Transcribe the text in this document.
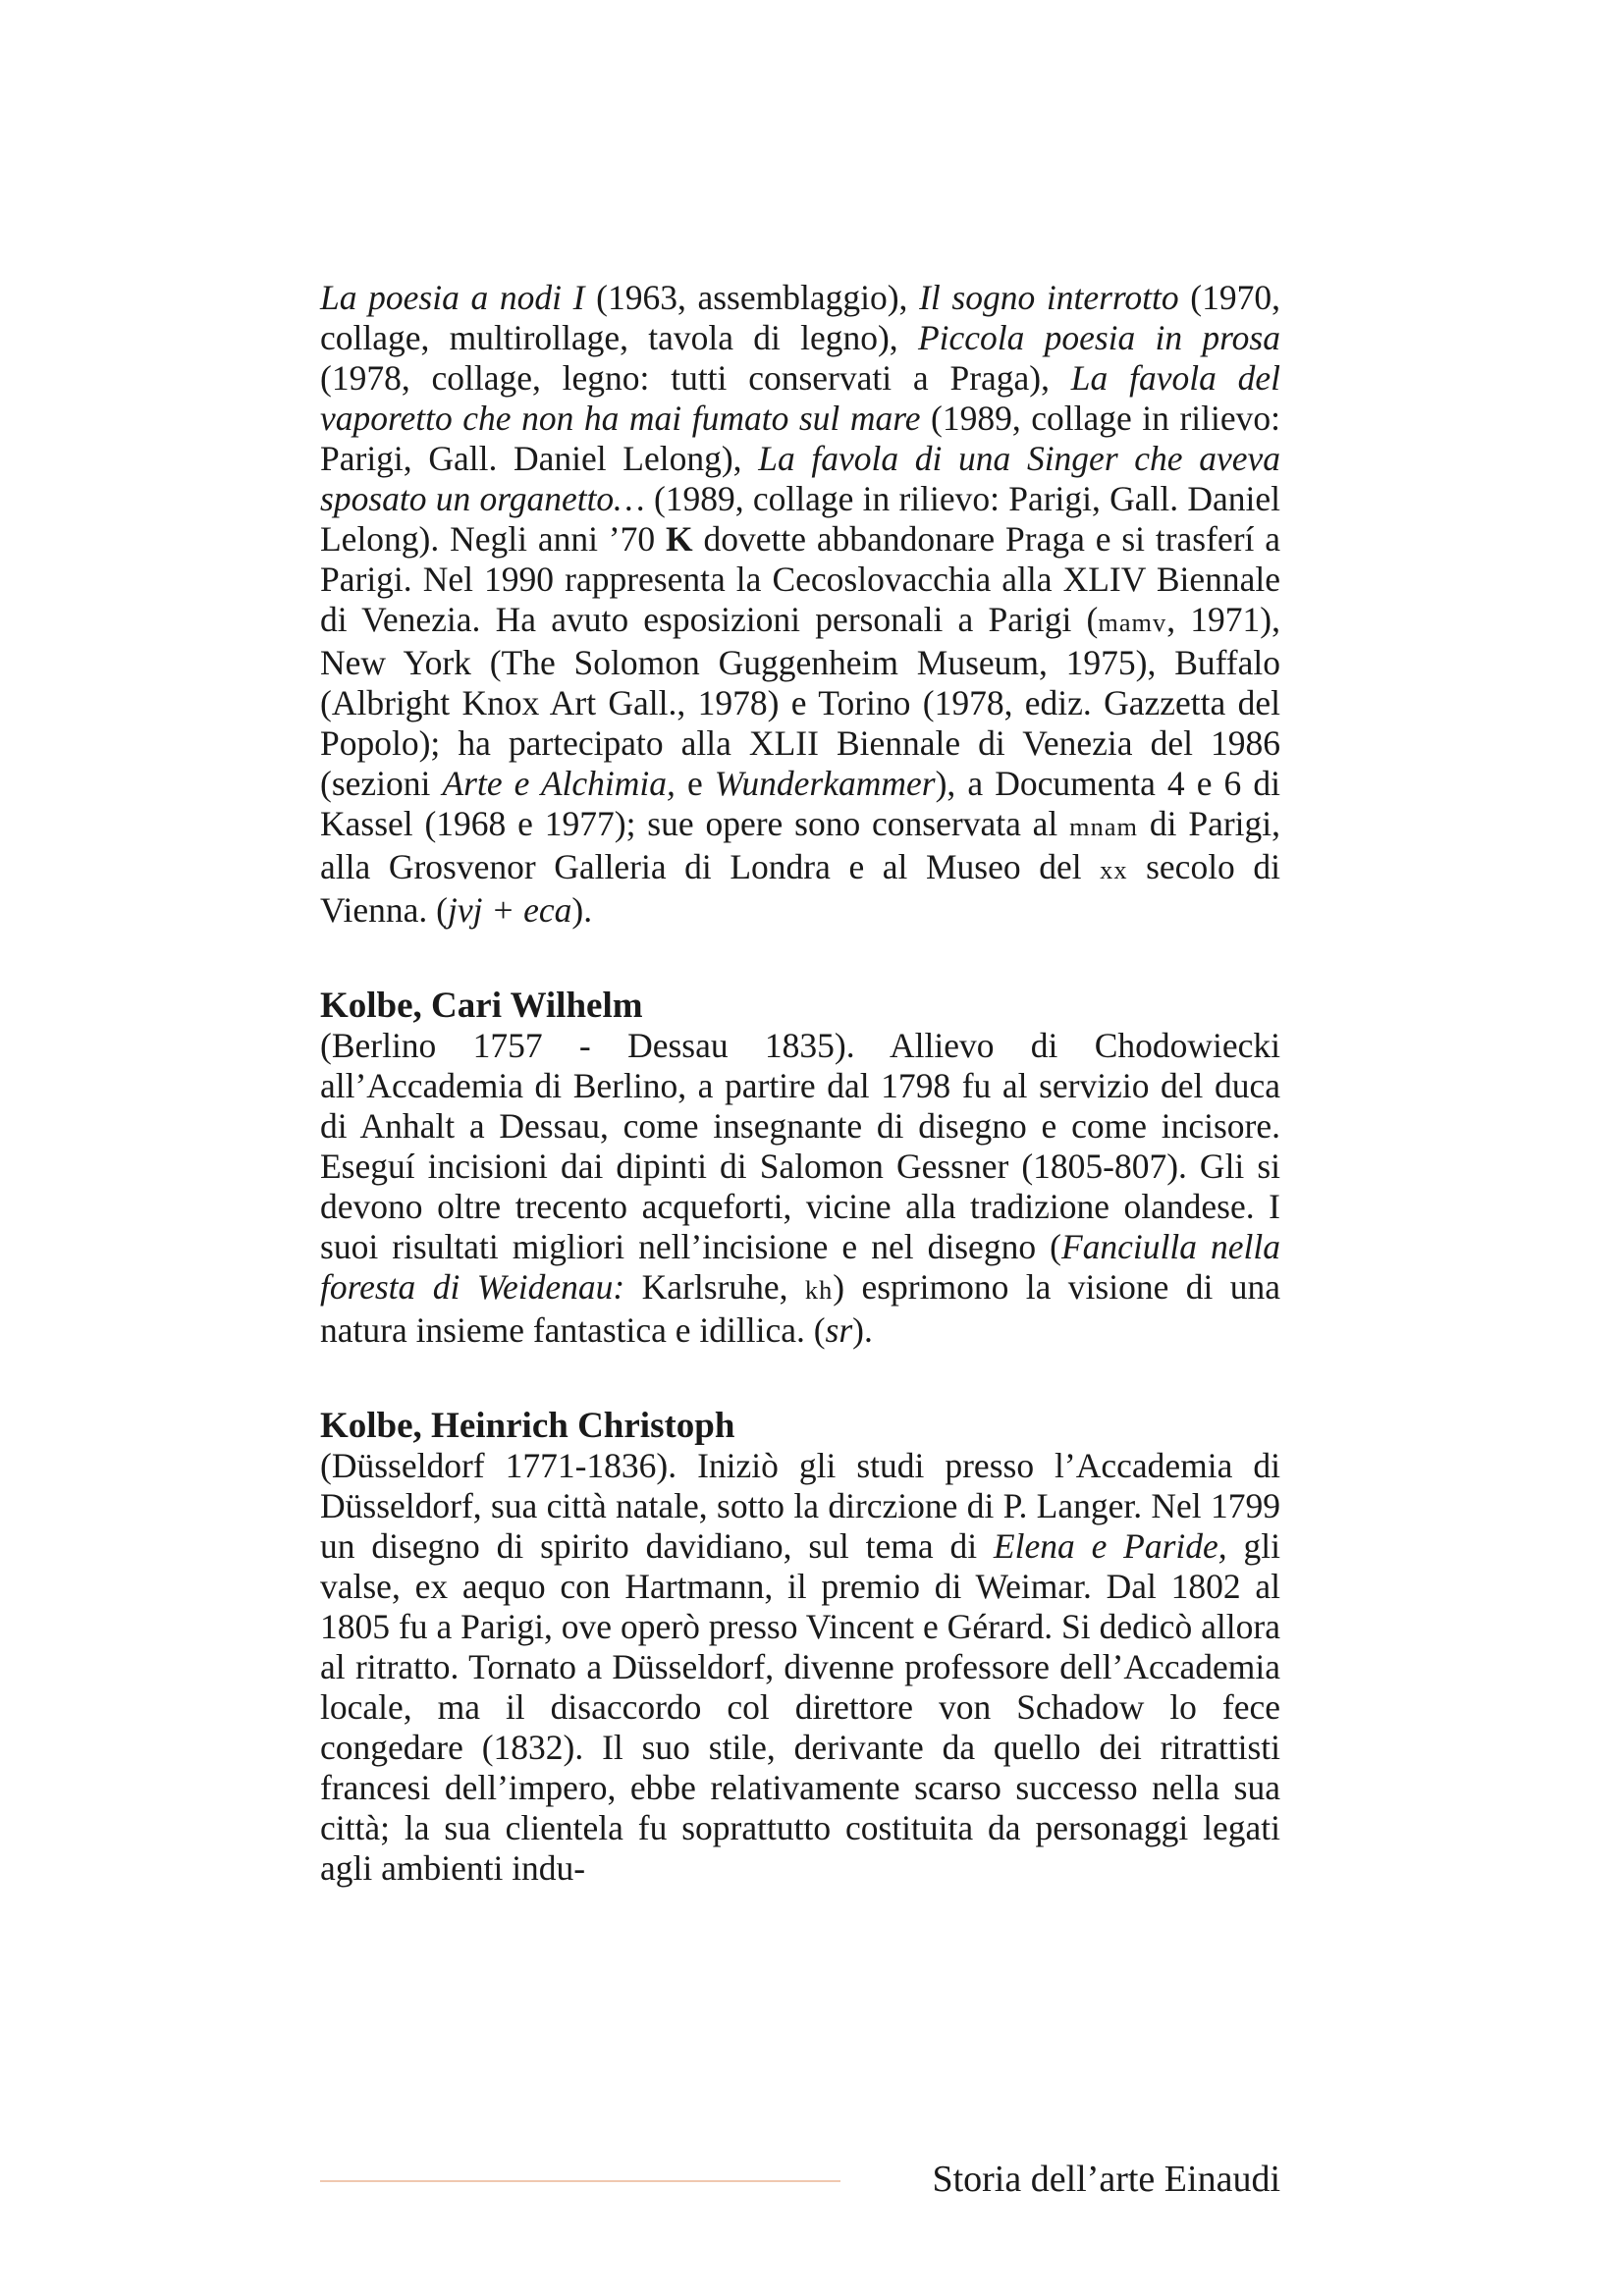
La poesia a nodi I (1963, assemblaggio), Il sogno interrotto (1970, collage, multirollage, tavola di legno), Piccola poesia in prosa (1978, collage, legno: tutti conservati a Praga), La favola del vaporetto che non ha mai fumato sul mare (1989, collage in rilievo: Parigi, Gall. Daniel Lelong), La favola di una Singer che aveva sposato un organetto… (1989, collage in rilievo: Parigi, Gall. Daniel Lelong). Negli anni ’70 K dovette abbandonare Praga e si trasferí a Parigi. Nel 1990 rappresenta la Cecoslovacchia alla XLIV Biennale di Venezia. Ha avuto esposizioni personali a Parigi (mamv, 1971), New York (The Solomon Guggenheim Museum, 1975), Buffalo (Albright Knox Art Gall., 1978) e Torino (1978, ediz. Gazzetta del Popolo); ha partecipato alla XLII Biennale di Venezia del 1986 (sezioni Arte e Alchimia, e Wunderkammer), a Documenta 4 e 6 di Kassel (1968 e 1977); sue opere sono conservata al mnam di Parigi, alla Grosvenor Galleria di Londra e al Museo del xx secolo di Vienna. (jvj + eca).

Kolbe, Cari Wilhelm

(Berlino 1757 - Dessau 1835). Allievo di Chodowiecki all’Accademia di Berlino, a partire dal 1798 fu al servizio del duca di Anhalt a Dessau, come insegnante di disegno e come incisore. Eseguí incisioni dai dipinti di Salomon Gessner (1805-807). Gli si devono oltre trecento acqueforti, vicine alla tradizione olandese. I suoi risultati migliori nell’incisione e nel disegno (Fanciulla nella foresta di Weidenau: Karlsruhe, kh) esprimono la visione di una natura insieme fantastica e idillica. (sr).

Kolbe, Heinrich Christoph

(Düsseldorf 1771-1836). Iniziò gli studi presso l’Accademia di Düsseldorf, sua città natale, sotto la dirczione di P. Langer. Nel 1799 un disegno di spirito davidiano, sul tema di Elena e Paride, gli valse, ex aequo con Hartmann, il premio di Weimar. Dal 1802 al 1805 fu a Parigi, ove operò presso Vincent e Gérard. Si dedicò allora al ritratto. Tornato a Düsseldorf, divenne professore dell’Accademia locale, ma il disaccordo col direttore von Schadow lo fece congedare (1832). Il suo stile, derivante da quello dei ritrattisti francesi dell’impero, ebbe relativamente scarso successo nella sua città; la sua clientela fu soprattutto costituita da personaggi legati agli ambienti indu-

Storia dell’arte Einaudi
